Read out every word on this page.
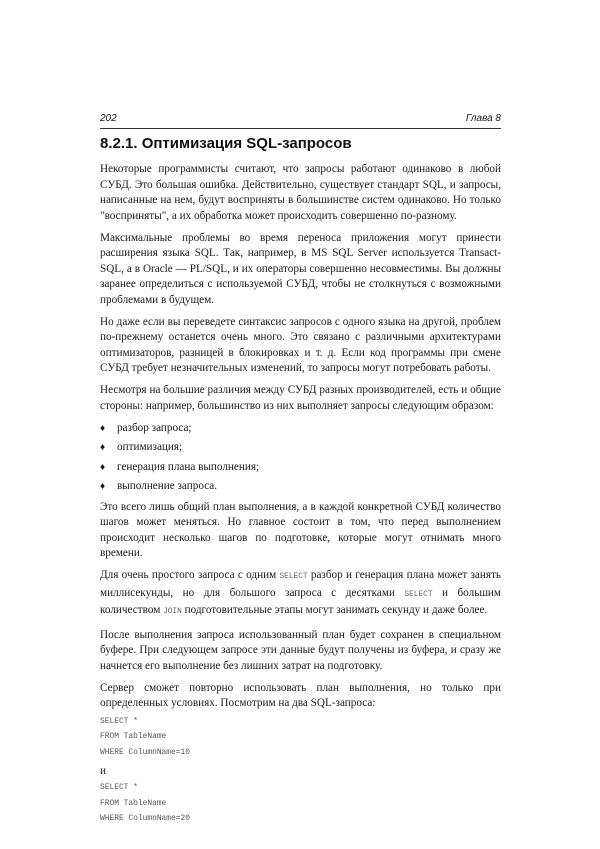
202	Глава 8
8.2.1. Оптимизация SQL-запросов

Некоторые программисты считают, что запросы работают одинаково в любой СУБД. Это большая ошибка. Действительно, существует стандарт SQL, и запросы, написанные на нем, будут восприняты в большинстве систем одинаково. Но только "восприняты", а их обработка может происходить совершенно по-разному.

Максимальные проблемы во время переноса приложения могут принести расширения языка SQL. Так, например, в MS SQL Server используется Transact-SQL, а в Oracle — PL/SQL, и их операторы совершенно несовместимы. Вы должны заранее определиться с используемой СУБД, чтобы не столкнуться с возможными проблемами в будущем.

Но даже если вы переведете синтаксис запросов с одного языка на другой, проблем по-прежнему останется очень много. Это связано с различными архитектурами оптимизаторов, разницей в блокировках и т. д. Если код программы при смене СУБД требует незначительных изменений, то запросы могут потребовать работы.

Несмотря на большие различия между СУБД разных производителей, есть и общие стороны: например, большинство из них выполняет запросы следующим образом:

♦ разбор запроса;
♦ оптимизация;
♦ генерация плана выполнения;
♦ выполнение запроса.

Это всего лишь общий план выполнения, а в каждой конкретной СУБД количество шагов может меняться. Но главное состоит в том, что перед выполнением происходит несколько шагов по подготовке, которые могут отнимать много времени.

Для очень простого запроса с одним SELECT разбор и генерация плана может занять миллисекунды, но для большого запроса с десятками SELECT и большим количеством JOIN подготовительные этапы могут занимать секунду и даже более.

После выполнения запроса использованный план будет сохранен в специальном буфере. При следующем запросе эти данные будут получены из буфера, и сразу же начнется его выполнение без лишних затрат на подготовку.

Сервер сможет повторно использовать план выполнения, но только при определенных условиях. Посмотрим на два SQL-запроса:

SELECT *
FROM TableName
WHERE ColumnName=10

и

SELECT *
FROM TableName
WHERE ColumnName=20
